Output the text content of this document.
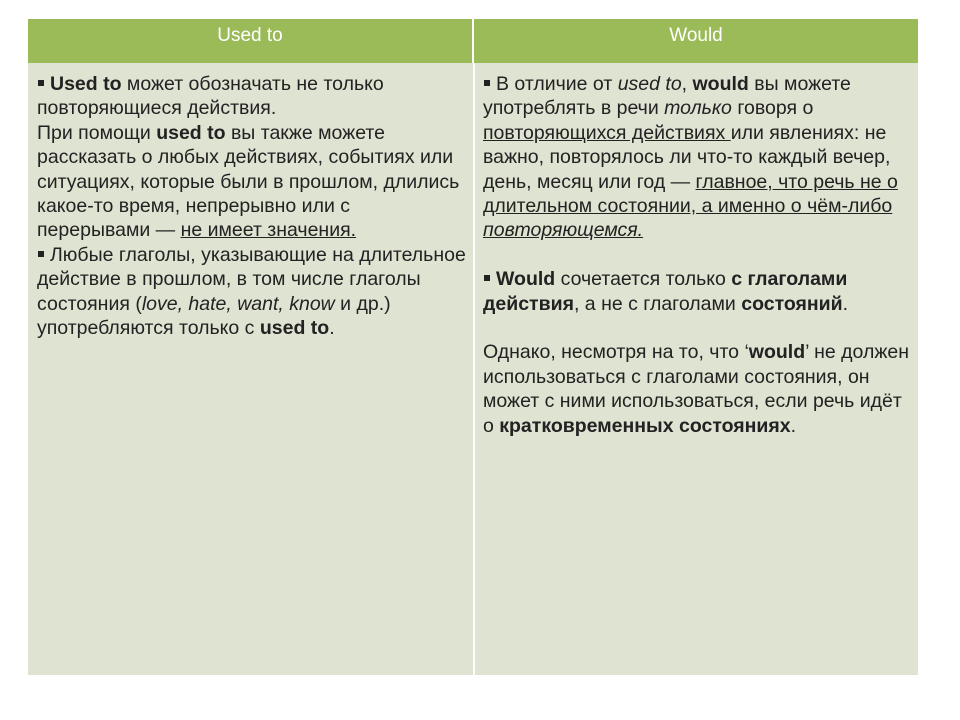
Used to	Would

Used to может обозначать не только повторяющиеся действия.

При помощи used to вы также можете рассказать о любых действиях, событиях или ситуациях, которые были в прошлом, длились какое-то время, непрерывно или с перерывами — не имеет значения.

Любые глаголы, указывающие на длительное действие в прошлом, в том числе глаголы состояния (love, hate, want, know и др.) употребляются только с used to.

В отличие от used to, would вы можете употреблять в речи только говоря о повторяющихся действиях или явлениях: не важно, повторялось ли что-то каждый вечер, день, месяц или год — главное, что речь не о длительном состоянии, а именно о чём-либо повторяющемся.

Would сочетается только с глаголами действия, а не с глаголами состояний.

Однако, несмотря на то, что ‘would’ не должен использоваться с глаголами состояния, он может с ними использоваться, если речь идёт о кратковременных состояниях.
